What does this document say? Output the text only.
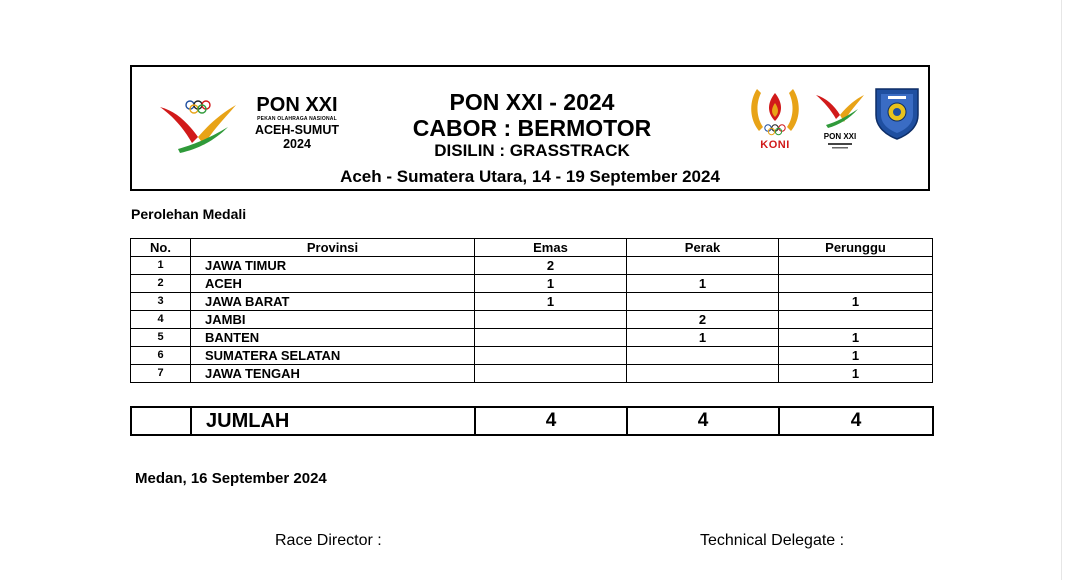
PON XXI
PEKAN OLAHRAGA NASIONAL
ACEH-SUMUT
2024
PON XXI - 2024
CABOR : BERMOTOR
DISILIN : GRASSTRACK
Aceh - Sumatera Utara, 14 - 19 September 2024
KONI
PON XXI
Perolehan Medali
No.	Provinsi	Emas	Perak	Perunggu
1	JAWA TIMUR	2		
2	ACEH	1	1	
3	JAWA BARAT	1		1
4	JAMBI		2	
5	BANTEN		1	1
6	SUMATERA SELATAN			1
7	JAWA TENGAH			1
	JUMLAH	4	4	4
Medan, 16 September 2024
Race Director :	Technical Delegate :
